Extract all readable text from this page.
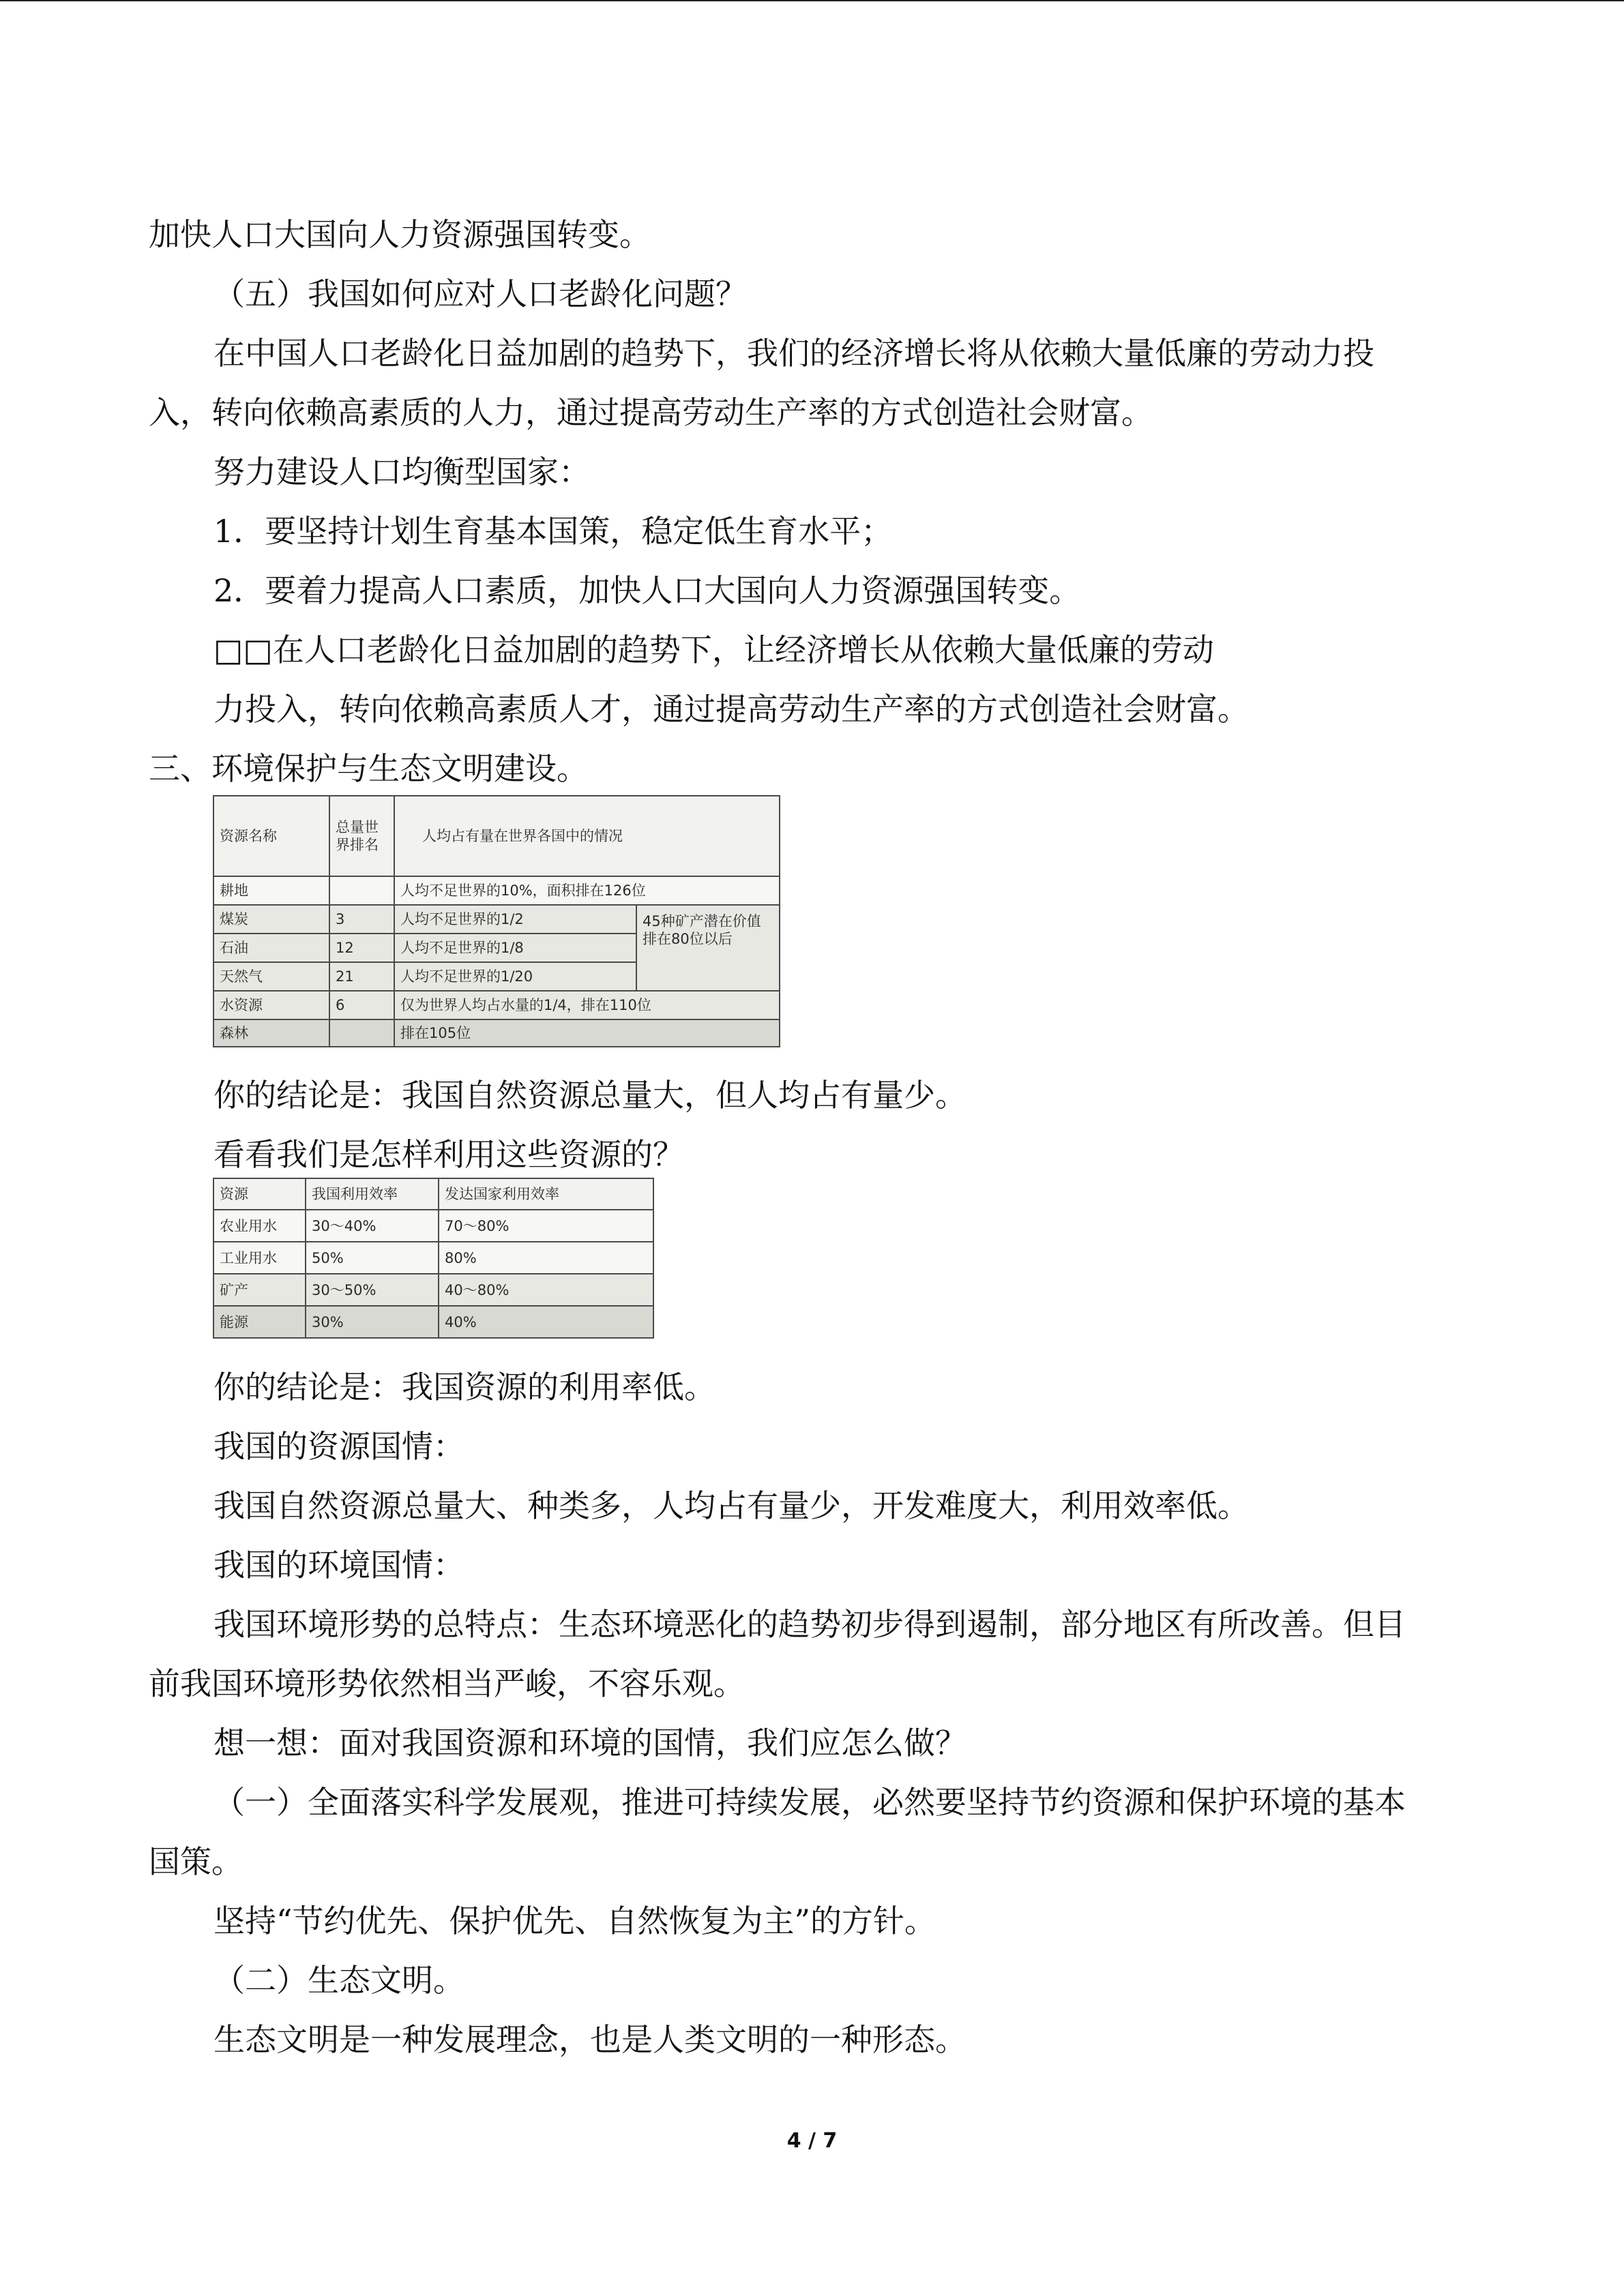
加快人口大国向人力资源强国转变。
（五）我国如何应对人口老龄化问题？
在中国人口老龄化日益加剧的趋势下，我们的经济增长将从依赖大量低廉的劳动力投
入，转向依赖高素质的人力，通过提高劳动生产率的方式创造社会财富。
努力建设人口均衡型国家：
1．要坚持计划生育基本国策，稳定低生育水平；
2．要着力提高人口素质，加快人口大国向人力资源强国转变。
□□在人口老龄化日益加剧的趋势下，让经济增长从依赖大量低廉的劳动
力投入，转向依赖高素质人才，通过提高劳动生产率的方式创造社会财富。
三、环境保护与生态文明建设。
资源名称	总量世界排名	人均占有量在世界各国中的情况	
耕地		人均不足世界的10%，面积排在126位	
煤炭	3	人均不足世界的1/2	45种矿产潜在价值排在80位以后
石油	12	人均不足世界的1/8	
天然气	21	人均不足世界的1/20	
水资源	6	仅为世界人均占水量的1/4，排在110位	
森林		排在105位	
你的结论是：我国自然资源总量大，但人均占有量少。
看看我们是怎样利用这些资源的？
资源	我国利用效率	发达国家利用效率
农业用水	30～40%	70～80%
工业用水	50%	80%
矿产	30～50%	40～80%
能源	30%	40%
你的结论是：我国资源的利用率低。
我国的资源国情：
我国自然资源总量大、种类多，人均占有量少，开发难度大，利用效率低。
我国的环境国情：
我国环境形势的总特点：生态环境恶化的趋势初步得到遏制，部分地区有所改善。但目
前我国环境形势依然相当严峻，不容乐观。
想一想：面对我国资源和环境的国情，我们应怎么做？
（一）全面落实科学发展观，推进可持续发展，必然要坚持节约资源和保护环境的基本
国策。
坚持“节约优先、保护优先、自然恢复为主”的方针。
（二）生态文明。
生态文明是一种发展理念，也是人类文明的一种形态。
4 / 7
